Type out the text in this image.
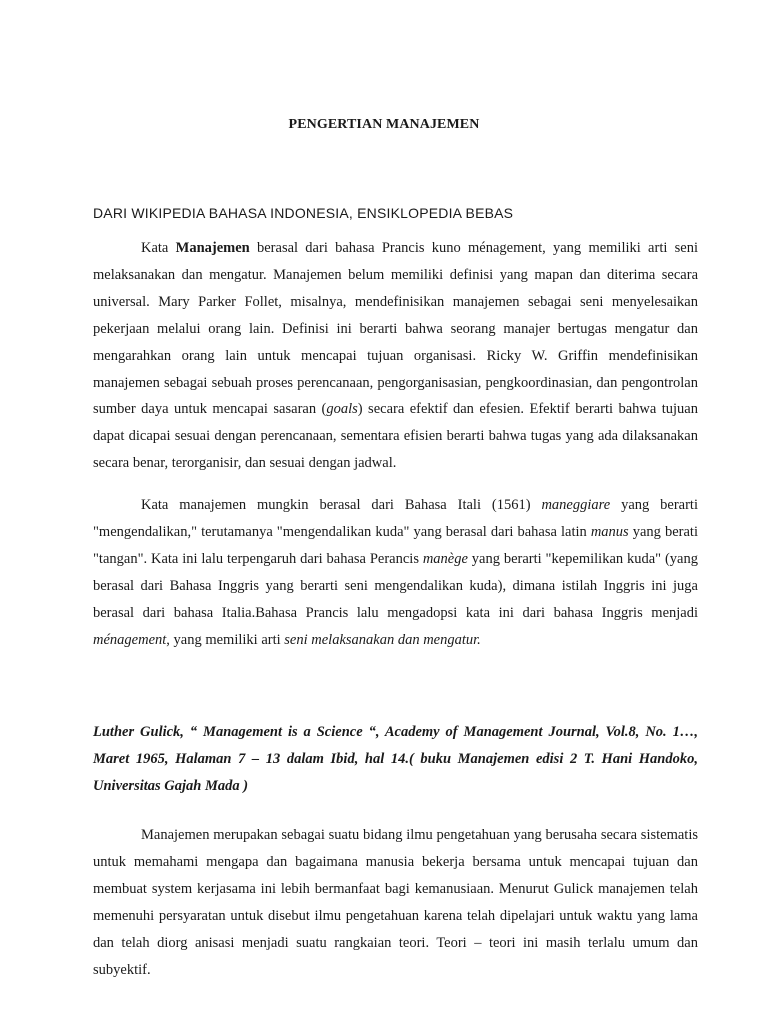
PENGERTIAN MANAJEMEN
DARI WIKIPEDIA BAHASA INDONESIA, ENSIKLOPEDIA BEBAS

Kata Manajemen berasal dari bahasa Prancis kuno ménagement, yang memiliki arti seni melaksanakan dan mengatur. Manajemen belum memiliki definisi yang mapan dan diterima secara universal. Mary Parker Follet, misalnya, mendefinisikan manajemen sebagai seni menyelesaikan pekerjaan melalui orang lain. Definisi ini berarti bahwa seorang manajer bertugas mengatur dan mengarahkan orang lain untuk mencapai tujuan organisasi. Ricky W. Griffin mendefinisikan manajemen sebagai sebuah proses perencanaan, pengorganisasian, pengkoordinasian, dan pengontrolan sumber daya untuk mencapai sasaran (goals) secara efektif dan efesien. Efektif berarti bahwa tujuan dapat dicapai sesuai dengan perencanaan, sementara efisien berarti bahwa tugas yang ada dilaksanakan secara benar, terorganisir, dan sesuai dengan jadwal.

Kata manajemen mungkin berasal dari Bahasa Itali (1561) maneggiare yang berarti "mengendalikan," terutamanya "mengendalikan kuda" yang berasal dari bahasa latin manus yang berati "tangan". Kata ini lalu terpengaruh dari bahasa Perancis manège yang berarti "kepemilikan kuda" (yang berasal dari Bahasa Inggris yang berarti seni mengendalikan kuda), dimana istilah Inggris ini juga berasal dari bahasa Italia.Bahasa Prancis lalu mengadopsi kata ini dari bahasa Inggris menjadi ménagement, yang memiliki arti seni melaksanakan dan mengatur.

Luther Gulick, “ Management is a Science “, Academy of Management Journal, Vol.8, No. 1…, Maret 1965, Halaman 7 – 13 dalam Ibid, hal 14.( buku Manajemen edisi 2 T. Hani Handoko, Universitas Gajah Mada )

Manajemen merupakan sebagai suatu bidang ilmu pengetahuan yang berusaha secara sistematis untuk memahami mengapa dan bagaimana manusia bekerja bersama untuk mencapai tujuan dan membuat system kerjasama ini lebih bermanfaat bagi kemanusiaan. Menurut Gulick manajemen telah memenuhi persyaratan untuk disebut ilmu pengetahuan karena telah dipelajari untuk waktu yang lama dan telah diorg anisasi menjadi suatu rangkaian teori. Teori – teori ini masih terlalu umum dan subyektif.
